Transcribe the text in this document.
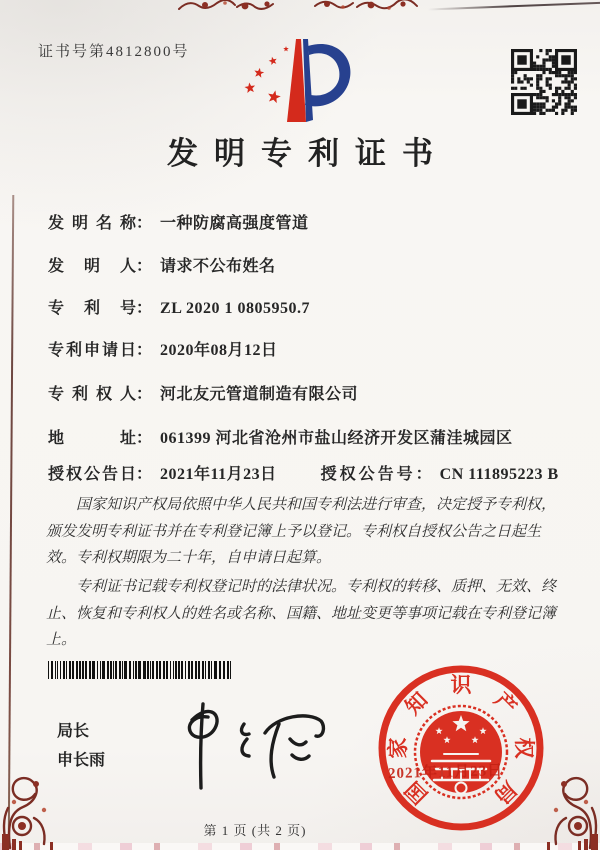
证书号第4812800号
发明专利证书
发明名称： 一种防腐高强度管道
发明人： 请求不公布姓名
专利号： ZL 2020 1 0805950.7
专利申请日： 2020年08月12日
专利权人： 河北友元管道制造有限公司
地址： 061399 河北省沧州市盐山经济开发区蒲洼城园区
授权公告日： 2021年11月23日	授权公告号： CN 111895223 B

国家知识产权局依照中华人民共和国专利法进行审查，决定授予专利权，颁发发明专利证书并在专利登记簿上予以登记。专利权自授权公告之日起生效。专利权期限为二十年，自申请日起算。

专利证书记载专利权登记时的法律状况。专利权的转移、质押、无效、终止、恢复和专利权人的姓名或名称、国籍、地址变更等事项记载在专利登记簿上。

局长
申长雨
国
家
知
识
产
权
局
2021年11月23日
第 1 页 (共 2 页)
